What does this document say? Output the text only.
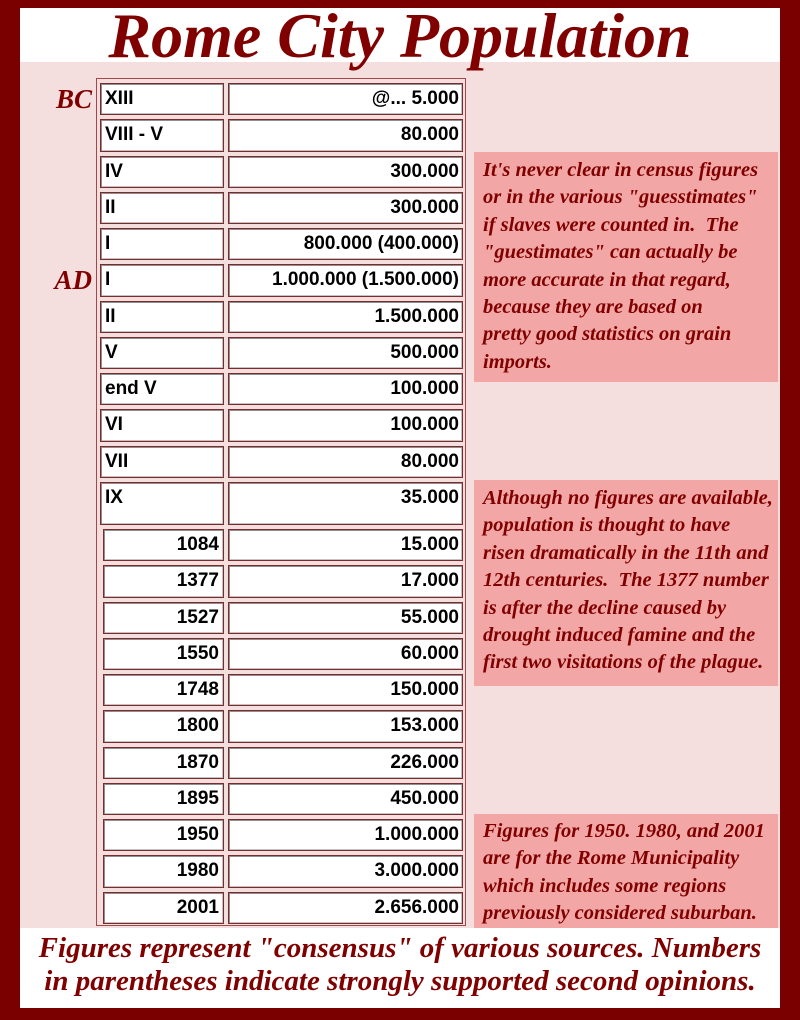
Rome City Population
XIII	@... 5.000
BC
VIII - V	80.000
IV	300.000
II	300.000
I	800.000 (400.000)
I	1.000.000 (1.500.000)
AD
II	1.500.000
V	500.000
end V	100.000
VI	100.000
VII	80.000
IX	35.000
1084	15.000
1377	17.000
1527	55.000
1550	60.000
1748	150.000
1800	153.000
1870	226.000
1895	450.000
1950	1.000.000
1980	3.000.000
2001	2.656.000
It's never clear in census figures
or in the various "guesstimates"
if slaves were counted in.  The
"guestimates" can actually be
more accurate in that regard,
because they are based on
pretty good statistics on grain
imports.
Although no figures are available,
population is thought to have
risen dramatically in the 11th and
12th centuries.  The 1377 number
is after the decline caused by
drought induced famine and the
first two visitations of the plague.
Figures for 1950. 1980, and 2001
are for the Rome Municipality
which includes some regions
previously considered suburban.
Figures represent "consensus" of various sources. Numbers
in parentheses indicate strongly supported second opinions.
